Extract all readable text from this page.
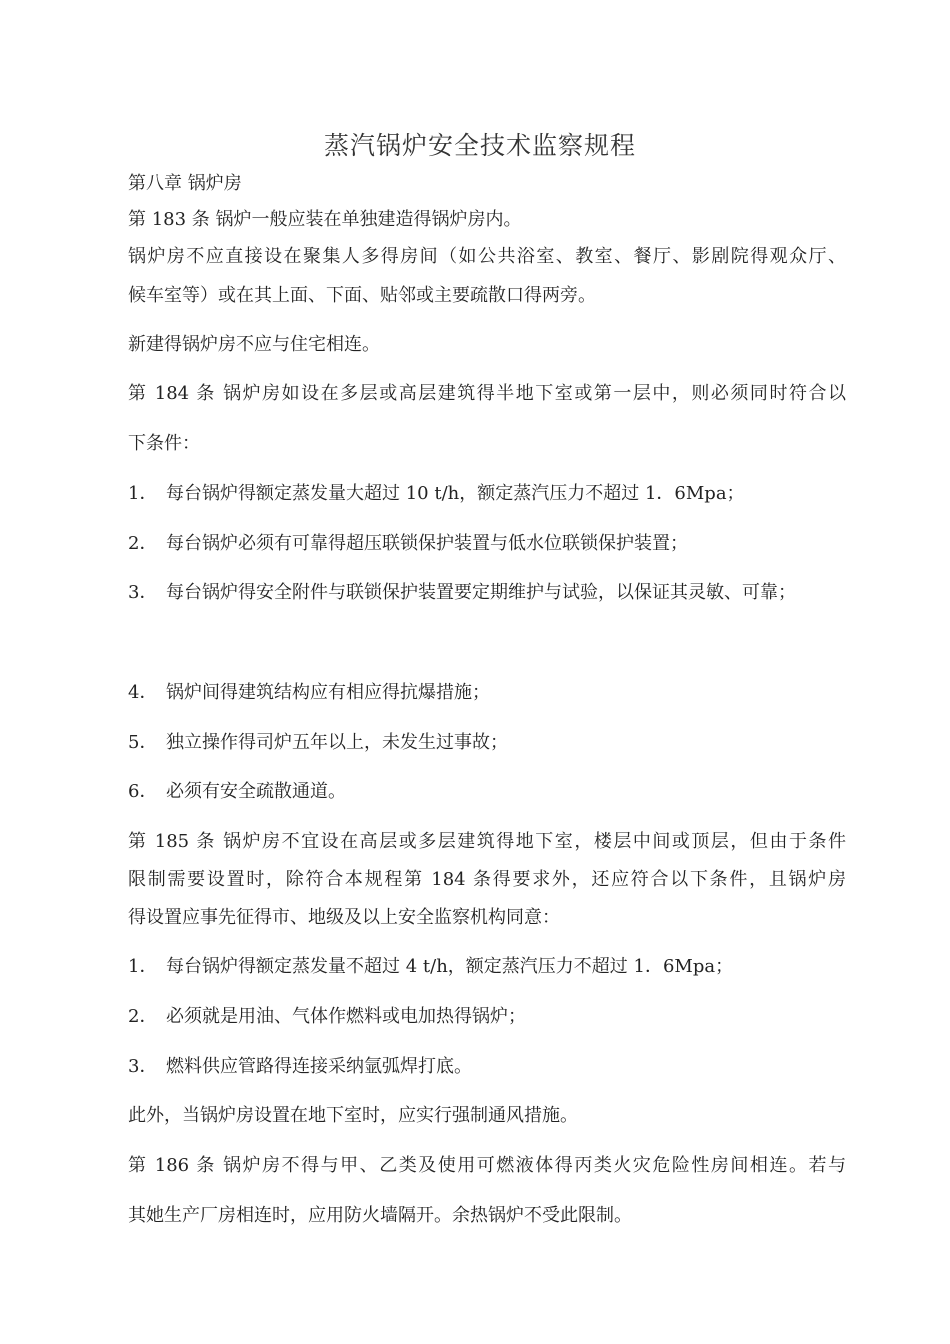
蒸汽锅炉安全技术监察规程
第八章 锅炉房
第 183 条 锅炉一般应装在单独建造得锅炉房内。
锅炉房不应直接设在聚集人多得房间（如公共浴室、教室、餐厅、影剧院得观众厅、
候车室等）或在其上面、下面、贴邻或主要疏散口得两旁。
新建得锅炉房不应与住宅相连。
第 184 条 锅炉房如设在多层或高层建筑得半地下室或第一层中，则必须同时符合以
下条件：
1． 每台锅炉得额定蒸发量大超过 10 t/h，额定蒸汽压力不超过 1．6Mpa；
2． 每台锅炉必须有可靠得超压联锁保护装置与低水位联锁保护装置；
3． 每台锅炉得安全附件与联锁保护装置要定期维护与试验，以保证其灵敏、可靠；
4． 锅炉间得建筑结构应有相应得抗爆措施；
5． 独立操作得司炉五年以上，未发生过事故；
6． 必须有安全疏散通道。
第 185 条 锅炉房不宜设在高层或多层建筑得地下室，楼层中间或顶层，但由于条件
限制需要设置时，除符合本规程第 184 条得要求外，还应符合以下条件，且锅炉房
得设置应事先征得市、地级及以上安全监察机构同意：
1． 每台锅炉得额定蒸发量不超过 4 t/h，额定蒸汽压力不超过 1．6Mpa；
2． 必须就是用油、气体作燃料或电加热得锅炉；
3． 燃料供应管路得连接采纳氩弧焊打底。
此外，当锅炉房设置在地下室时，应实行强制通风措施。
第 186 条 锅炉房不得与甲、乙类及使用可燃液体得丙类火灾危险性房间相连。若与
其她生产厂房相连时，应用防火墙隔开。余热锅炉不受此限制。
